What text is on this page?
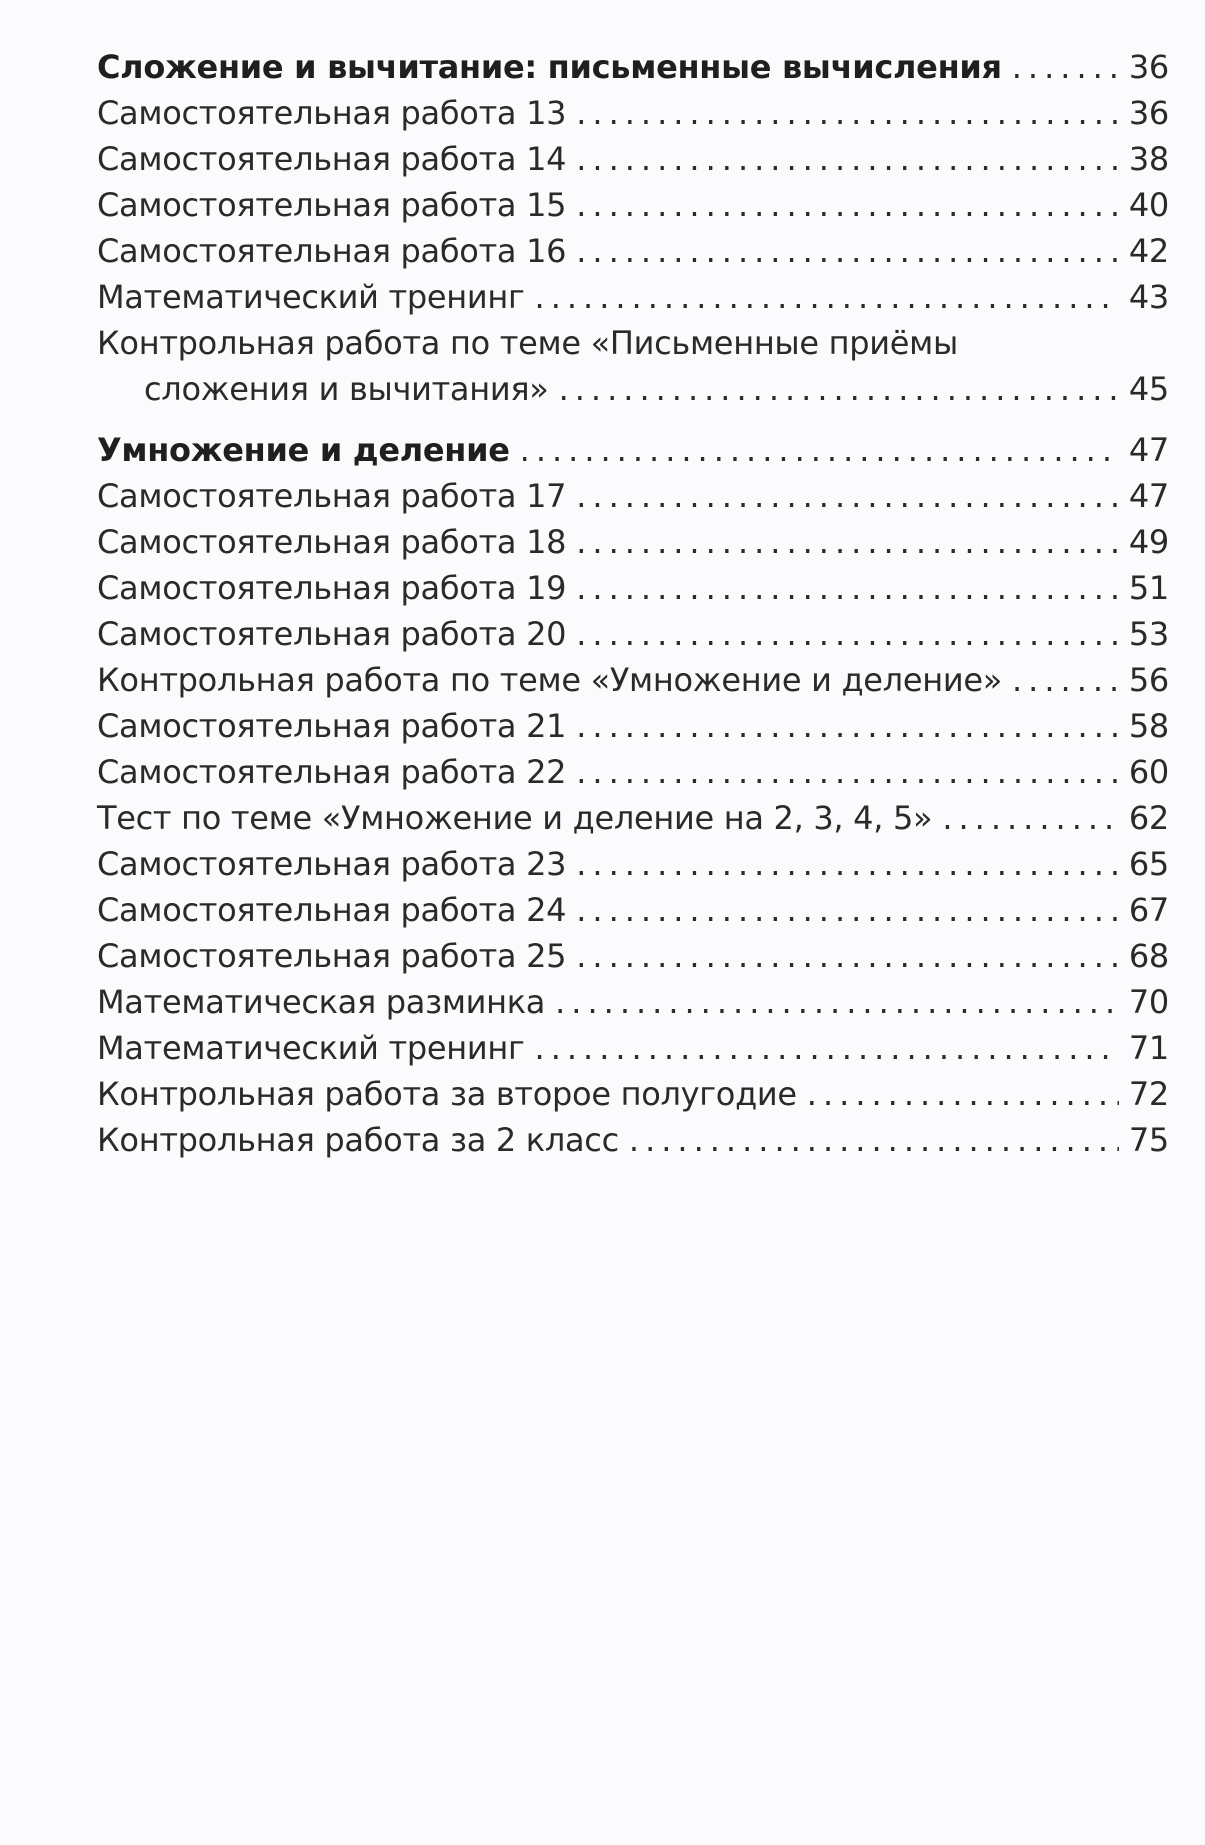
Сложение и вычитание: письменные вычисления .....	36
Самостоятельная работа 13 .....	36
Самостоятельная работа 14 .....	38
Самостоятельная работа 15 .....	40
Самостоятельная работа 16 .....	42
Математический тренинг .....	43
Контрольная работа по теме «Письменные приёмы
сложения и вычитания» .....	45
Умножение и деление .....	47
Самостоятельная работа 17 .....	47
Самостоятельная работа 18 .....	49
Самостоятельная работа 19 .....	51
Самостоятельная работа 20 .....	53
Контрольная работа по теме «Умножение и деление» .....	56
Самостоятельная работа 21 .....	58
Самостоятельная работа 22 .....	60
Тест по теме «Умножение и деление на 2, 3, 4, 5» .....	62
Самостоятельная работа 23 .....	65
Самостоятельная работа 24 .....	67
Самостоятельная работа 25 .....	68
Математическая разминка .....	70
Математический тренинг .....	71
Контрольная работа за второе полугодие .....	72
Контрольная работа за 2 класс .....	75
